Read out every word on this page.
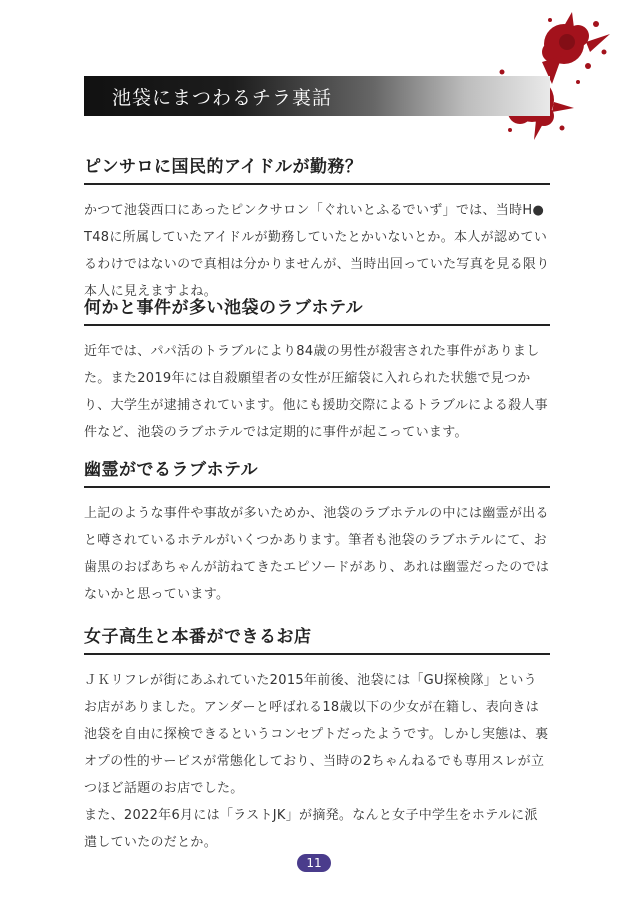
池袋にまつわるチラ裏話
ピンサロに国民的アイドルが勤務？

かつて池袋西口にあったピンクサロン「ぐれいとふるでいず」では、当時H●T48に所属していたアイドルが勤務していたとかいないとか。本人が認めているわけではないので真相は分かりませんが、当時出回っていた写真を見る限り本人に見えますよね。

何かと事件が多い池袋のラブホテル

近年では、パパ活のトラブルにより84歳の男性が殺害された事件がありました。また2019年には自殺願望者の女性が圧縮袋に入れられた状態で見つかり、大学生が逮捕されています。他にも援助交際によるトラブルによる殺人事件など、池袋のラブホテルでは定期的に事件が起こっています。

幽霊がでるラブホテル

上記のような事件や事故が多いためか、池袋のラブホテルの中には幽霊が出ると噂されているホテルがいくつかあります。筆者も池袋のラブホテルにて、お歯黒のおばあちゃんが訪ねてきたエピソードがあり、あれは幽霊だったのではないかと思っています。

女子高生と本番ができるお店

ＪＫリフレが街にあふれていた2015年前後、池袋には「GU探検隊」というお店がありました。アンダーと呼ばれる18歳以下の少女が在籍し、表向きは池袋を自由に探検できるというコンセプトだったようです。しかし実態は、裏オプの性的サービスが常態化しており、当時の2ちゃんねるでも専用スレが立つほど話題のお店でした。

また、2022年6月には「ラストJK」が摘発。なんと女子中学生をホテルに派遣していたのだとか。

11
